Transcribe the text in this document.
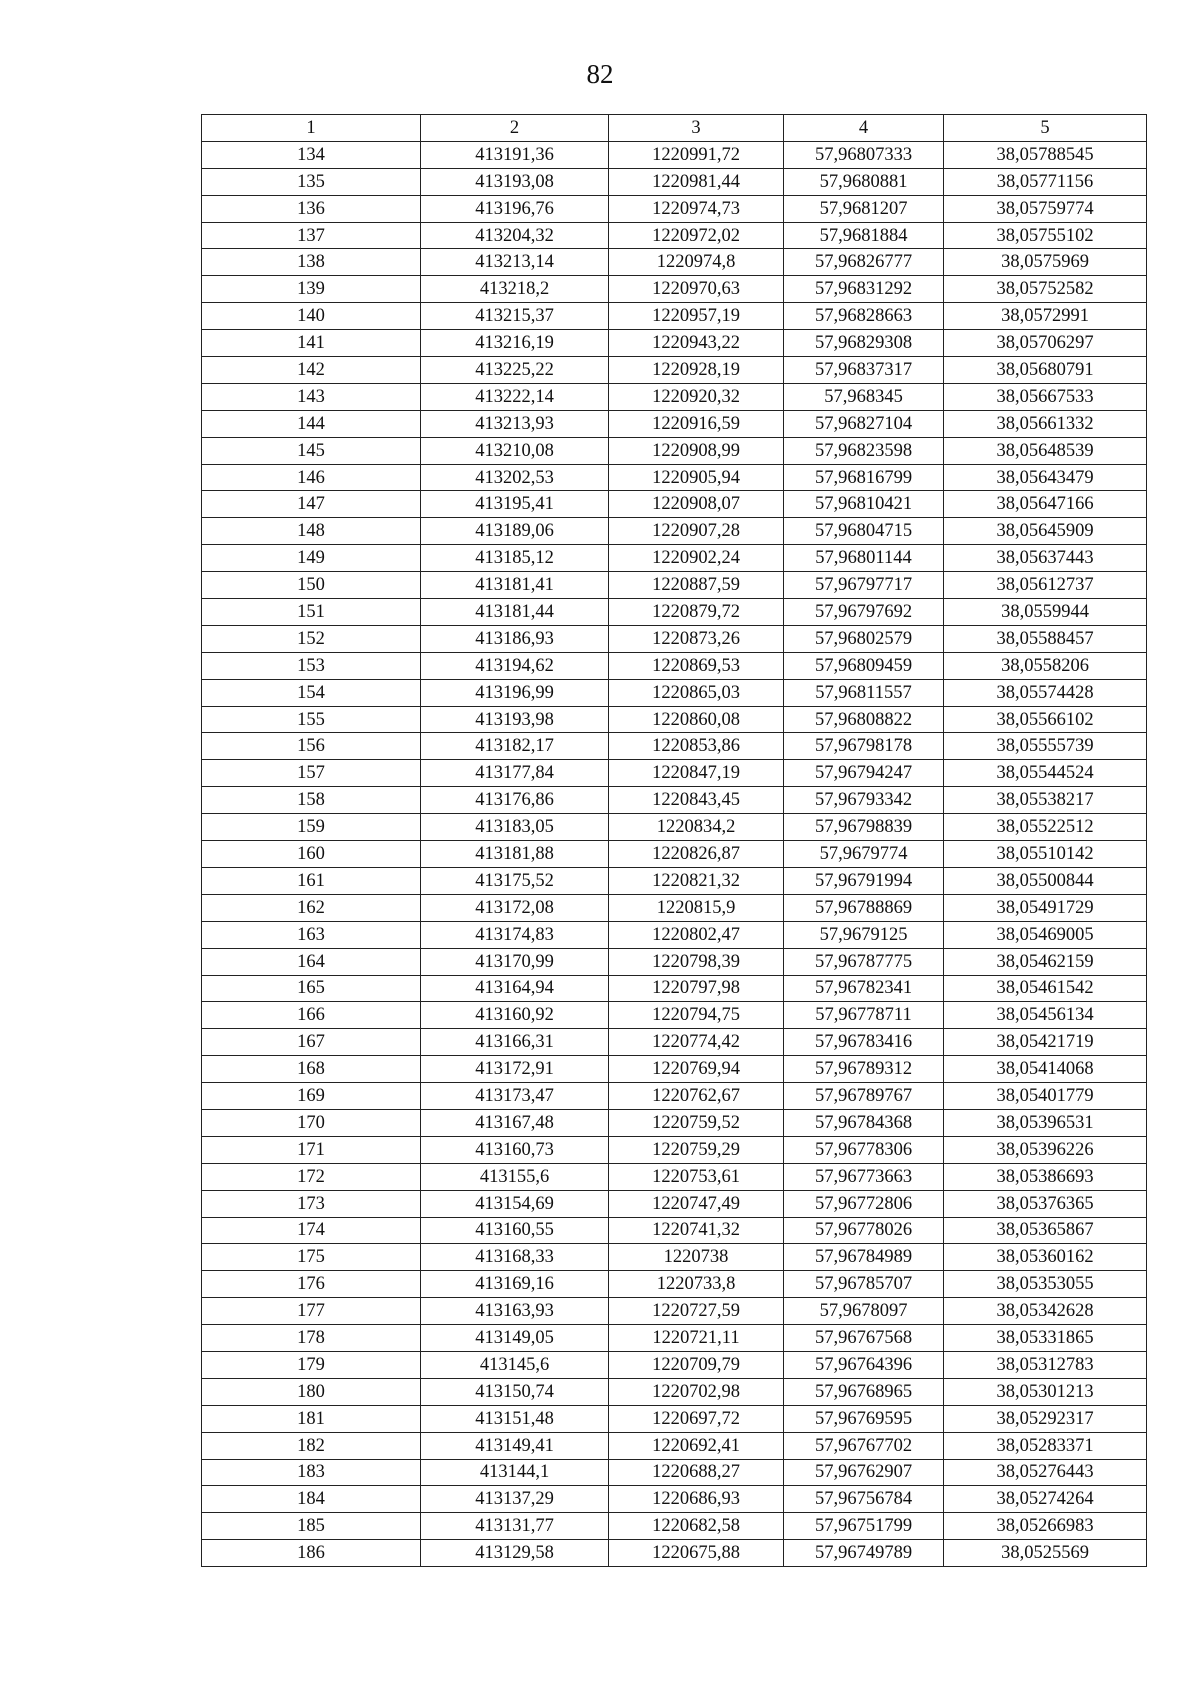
82
1	2	3	4	5
134	413191,36	1220991,72	57,96807333	38,05788545
135	413193,08	1220981,44	57,9680881	38,05771156
136	413196,76	1220974,73	57,9681207	38,05759774
137	413204,32	1220972,02	57,9681884	38,05755102
138	413213,14	1220974,8	57,96826777	38,0575969
139	413218,2	1220970,63	57,96831292	38,05752582
140	413215,37	1220957,19	57,96828663	38,0572991
141	413216,19	1220943,22	57,96829308	38,05706297
142	413225,22	1220928,19	57,96837317	38,05680791
143	413222,14	1220920,32	57,968345	38,05667533
144	413213,93	1220916,59	57,96827104	38,05661332
145	413210,08	1220908,99	57,96823598	38,05648539
146	413202,53	1220905,94	57,96816799	38,05643479
147	413195,41	1220908,07	57,96810421	38,05647166
148	413189,06	1220907,28	57,96804715	38,05645909
149	413185,12	1220902,24	57,96801144	38,05637443
150	413181,41	1220887,59	57,96797717	38,05612737
151	413181,44	1220879,72	57,96797692	38,0559944
152	413186,93	1220873,26	57,96802579	38,05588457
153	413194,62	1220869,53	57,96809459	38,0558206
154	413196,99	1220865,03	57,96811557	38,05574428
155	413193,98	1220860,08	57,96808822	38,05566102
156	413182,17	1220853,86	57,96798178	38,05555739
157	413177,84	1220847,19	57,96794247	38,05544524
158	413176,86	1220843,45	57,96793342	38,05538217
159	413183,05	1220834,2	57,96798839	38,05522512
160	413181,88	1220826,87	57,9679774	38,05510142
161	413175,52	1220821,32	57,96791994	38,05500844
162	413172,08	1220815,9	57,96788869	38,05491729
163	413174,83	1220802,47	57,9679125	38,05469005
164	413170,99	1220798,39	57,96787775	38,05462159
165	413164,94	1220797,98	57,96782341	38,05461542
166	413160,92	1220794,75	57,96778711	38,05456134
167	413166,31	1220774,42	57,96783416	38,05421719
168	413172,91	1220769,94	57,96789312	38,05414068
169	413173,47	1220762,67	57,96789767	38,05401779
170	413167,48	1220759,52	57,96784368	38,05396531
171	413160,73	1220759,29	57,96778306	38,05396226
172	413155,6	1220753,61	57,96773663	38,05386693
173	413154,69	1220747,49	57,96772806	38,05376365
174	413160,55	1220741,32	57,96778026	38,05365867
175	413168,33	1220738	57,96784989	38,05360162
176	413169,16	1220733,8	57,96785707	38,05353055
177	413163,93	1220727,59	57,9678097	38,05342628
178	413149,05	1220721,11	57,96767568	38,05331865
179	413145,6	1220709,79	57,96764396	38,05312783
180	413150,74	1220702,98	57,96768965	38,05301213
181	413151,48	1220697,72	57,96769595	38,05292317
182	413149,41	1220692,41	57,96767702	38,05283371
183	413144,1	1220688,27	57,96762907	38,05276443
184	413137,29	1220686,93	57,96756784	38,05274264
185	413131,77	1220682,58	57,96751799	38,05266983
186	413129,58	1220675,88	57,96749789	38,0525569
